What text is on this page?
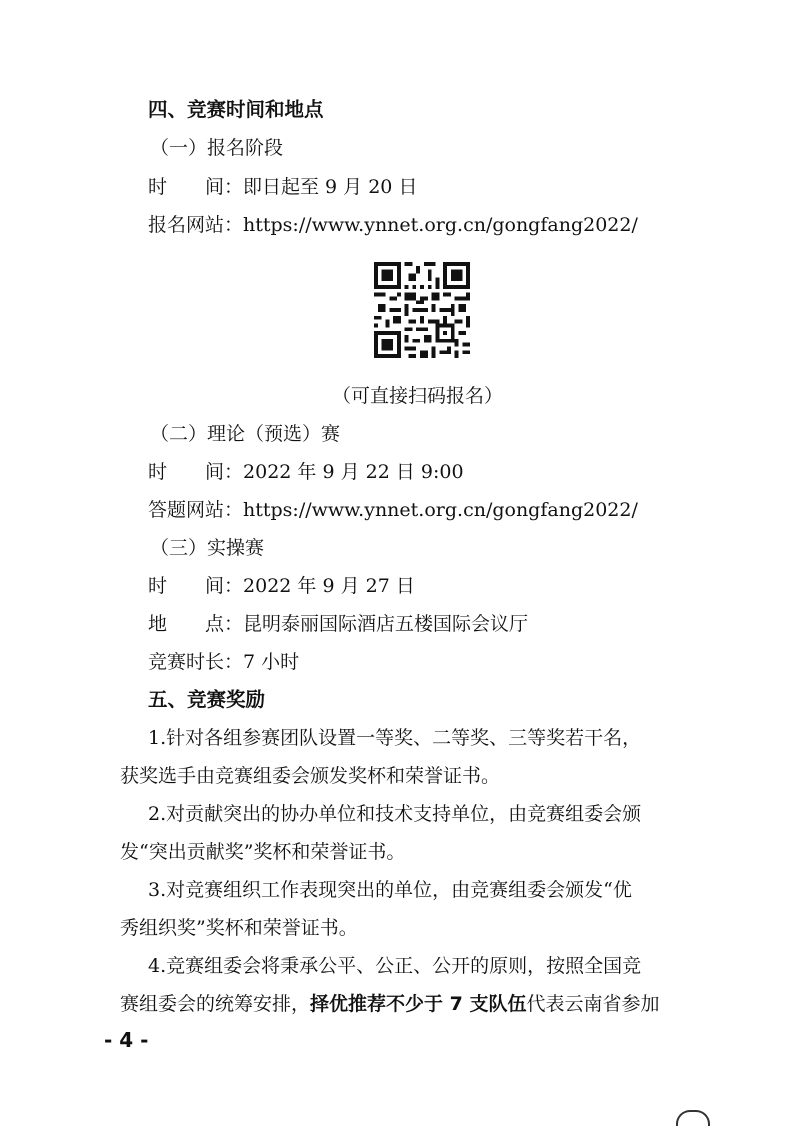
四、竞赛时间和地点
（一）报名阶段
时　　间：即日起至 9 月 20 日
报名网站：https://www.ynnet.org.cn/gongfang2022/
（可直接扫码报名）
（二）理论（预选）赛
时　　间：2022 年 9 月 22 日 9:00
答题网站：https://www.ynnet.org.cn/gongfang2022/
（三）实操赛
时　　间：2022 年 9 月 27 日
地　　点：昆明泰丽国际酒店五楼国际会议厅
竞赛时长：7 小时
五、竞赛奖励
1.针对各组参赛团队设置一等奖、二等奖、三等奖若干名，
获奖选手由竞赛组委会颁发奖杯和荣誉证书。
2.对贡献突出的协办单位和技术支持单位，由竞赛组委会颁
发“突出贡献奖”奖杯和荣誉证书。
3.对竞赛组织工作表现突出的单位，由竞赛组委会颁发“优
秀组织奖”奖杯和荣誉证书。
4.竞赛组委会将秉承公平、公正、公开的原则，按照全国竞
赛组委会的统筹安排，择优推荐不少于 7 支队伍代表云南省参加
- 4 -
